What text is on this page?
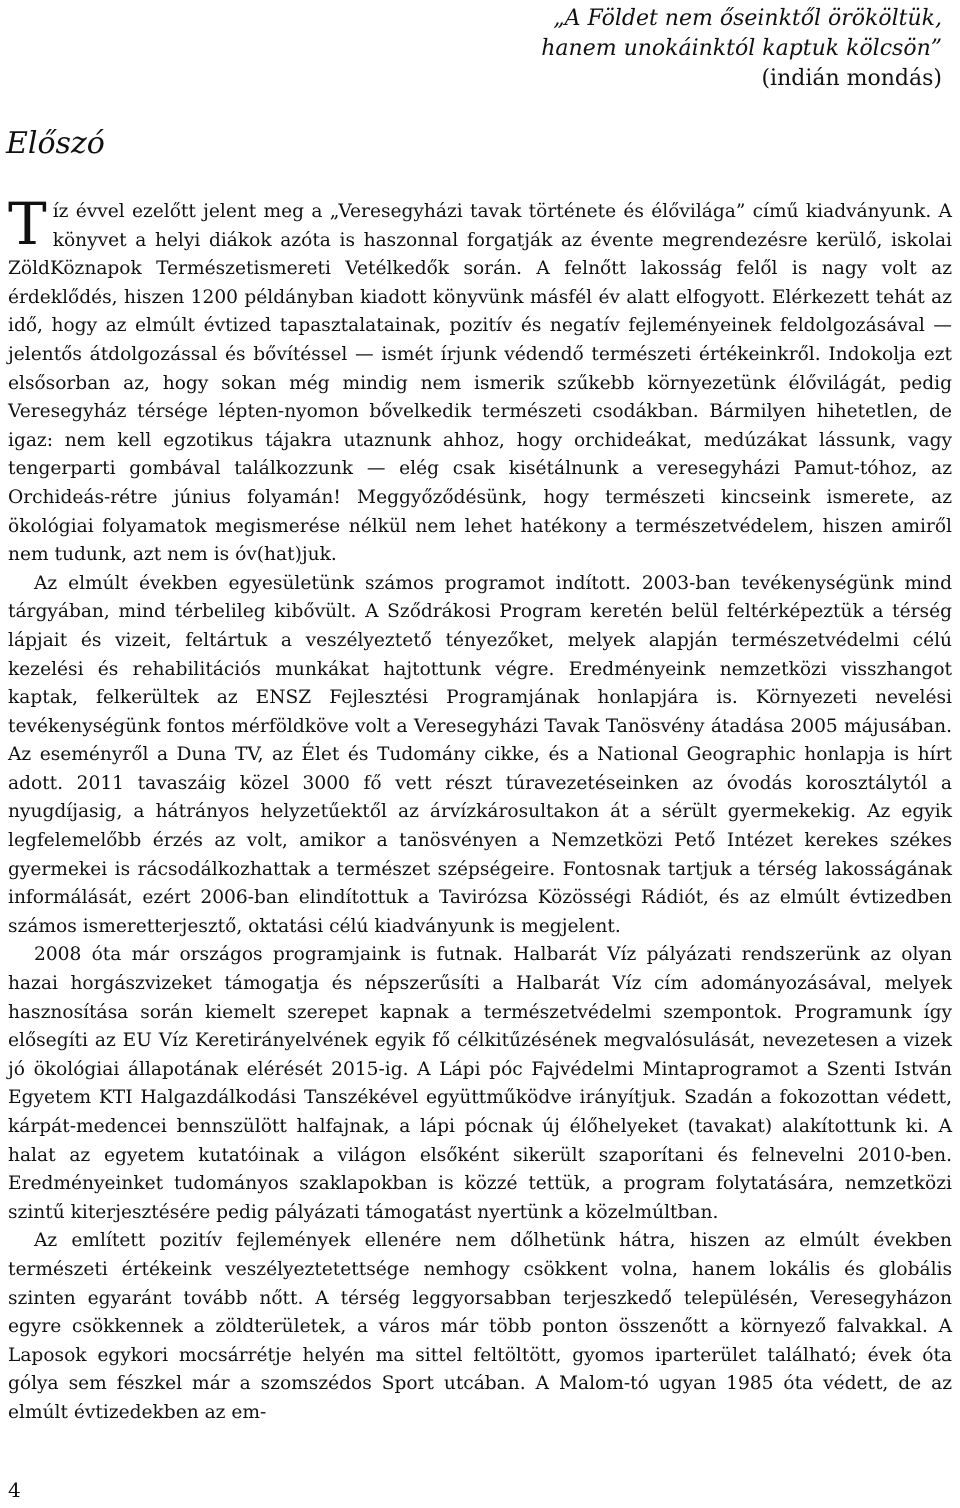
„A Földet nem őseinktől örököltük,
hanem unokáinktól kaptuk kölcsön”
(indián mondás)
Előszó

Tíz évvel ezelőtt jelent meg a „Veresegyházi tavak története és élővilága” című kiadványunk. A könyvet a helyi diákok azóta is haszonnal forgatják az évente megrendezésre kerülő, iskolai ZöldKöznapok Természetismereti Vetélkedők során. A felnőtt lakosság felől is nagy volt az érdeklődés, hiszen 1200 példányban kiadott könyvünk másfél év alatt elfogyott. Elérkezett tehát az idő, hogy az elmúlt évtized tapasztalatainak, pozitív és negatív fejleményeinek feldolgozásával — jelentős átdolgozással és bővítéssel — ismét írjunk védendő természeti értékeinkről. Indokolja ezt elsősorban az, hogy sokan még mindig nem ismerik szűkebb környezetünk élővilágát, pedig Veresegyház térsége lépten-nyomon bővelkedik természeti csodákban. Bármilyen hihetetlen, de igaz: nem kell egzotikus tájakra utaznunk ahhoz, hogy orchideákat, medúzákat lássunk, vagy tengerparti gombával találkozzunk — elég csak kisétálnunk a veresegyházi Pamut-tóhoz, az Orchideás-rétre június folyamán! Meggyőződésünk, hogy természeti kincseink ismerete, az ökológiai folyamatok megismerése nélkül nem lehet hatékony a természetvédelem, hiszen amiről nem tudunk, azt nem is óv(hat)juk.

Az elmúlt években egyesületünk számos programot indított. 2003-ban tevékenységünk mind tárgyában, mind térbelileg kibővült. A Sződrákosi Program keretén belül feltérképeztük a térség lápjait és vizeit, feltártuk a veszélyeztető tényezőket, melyek alapján természetvédelmi célú kezelési és rehabilitációs munkákat hajtottunk végre. Eredményeink nemzetközi visszhangot kaptak, felkerültek az ENSZ Fejlesztési Programjának honlapjára is. Környezeti nevelési tevékenységünk fontos mérföldköve volt a Veresegyházi Tavak Tanösvény átadása 2005 májusában. Az eseményről a Duna TV, az Élet és Tudomány cikke, és a National Geographic honlapja is hírt adott. 2011 tavaszáig közel 3000 fő vett részt túravezetéseinken az óvodás korosztálytól a nyugdíjasig, a hátrányos helyzetűektől az árvízkárosultakon át a sérült gyermekekig. Az egyik legfelemelőbb érzés az volt, amikor a tanösvényen a Nemzetközi Pető Intézet kerekes székes gyermekei is rácsodálkozhattak a természet szépségeire. Fontosnak tartjuk a térség lakosságának informálását, ezért 2006-ban elindítottuk a Tavirózsa Közösségi Rádiót, és az elmúlt évtizedben számos ismeretterjesztő, oktatási célú kiadványunk is megjelent.

2008 óta már országos programjaink is futnak. Halbarát Víz pályázati rendszerünk az olyan hazai horgászvizeket támogatja és népszerűsíti a Halbarát Víz cím adományozásával, melyek hasznosítása során kiemelt szerepet kapnak a természetvédelmi szempontok. Programunk így elősegíti az EU Víz Keretirányelvének egyik fő célkitűzésének megvalósulását, nevezetesen a vizek jó ökológiai állapotának elérését 2015-ig. A Lápi póc Fajvédelmi Mintaprogramot a Szenti István Egyetem KTI Halgazdálkodási Tanszékével együttműködve irányítjuk. Szadán a fokozottan védett, kárpát-medencei bennszülött halfajnak, a lápi pócnak új élőhelyeket (tavakat) alakítottunk ki. A halat az egyetem kutatóinak a világon elsőként sikerült szaporítani és felnevelni 2010-ben. Eredményeinket tudományos szaklapokban is közzé tettük, a program folytatására, nemzetközi szintű kiterjesztésére pedig pályázati támogatást nyertünk a közelmúltban.

Az említett pozitív fejlemények ellenére nem dőlhetünk hátra, hiszen az elmúlt években természeti értékeink veszélyeztetettsége nemhogy csökkent volna, hanem lokális és globális szinten egyaránt tovább nőtt. A térség leggyorsabban terjeszkedő településén, Veresegyházon egyre csökkennek a zöldterületek, a város már több ponton összenőtt a környező falvakkal. A Laposok egykori mocsárrétje helyén ma sittel feltöltött, gyomos iparterület található; évek óta gólya sem fészkel már a szomszédos Sport utcában. A Malom-tó ugyan 1985 óta védett, de az elmúlt évtizedekben az em-

4
